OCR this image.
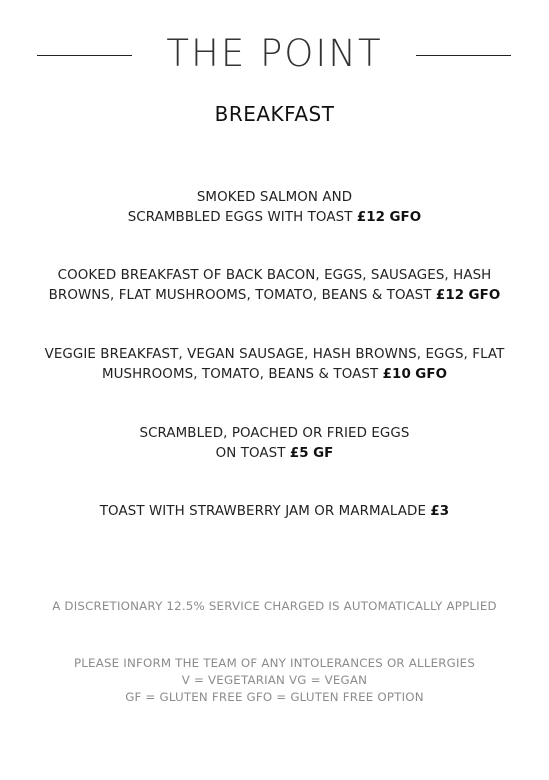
THE POINT
BREAKFAST
SMOKED SALMON AND
SCRAMBBLED EGGS WITH TOAST £12 GFO
COOKED BREAKFAST OF BACK BACON, EGGS, SAUSAGES, HASH
BROWNS, FLAT MUSHROOMS, TOMATO, BEANS & TOAST £12 GFO
VEGGIE BREAKFAST, VEGAN SAUSAGE, HASH BROWNS, EGGS, FLAT
MUSHROOMS, TOMATO, BEANS & TOAST £10 GFO
SCRAMBLED, POACHED OR FRIED EGGS
ON TOAST £5 GF
TOAST WITH STRAWBERRY JAM OR MARMALADE £3
A DISCRETIONARY 12.5% SERVICE CHARGED IS AUTOMATICALLY APPLIED
PLEASE INFORM THE TEAM OF ANY INTOLERANCES OR ALLERGIES
V = VEGETARIAN VG = VEGAN
GF = GLUTEN FREE GFO = GLUTEN FREE OPTION
